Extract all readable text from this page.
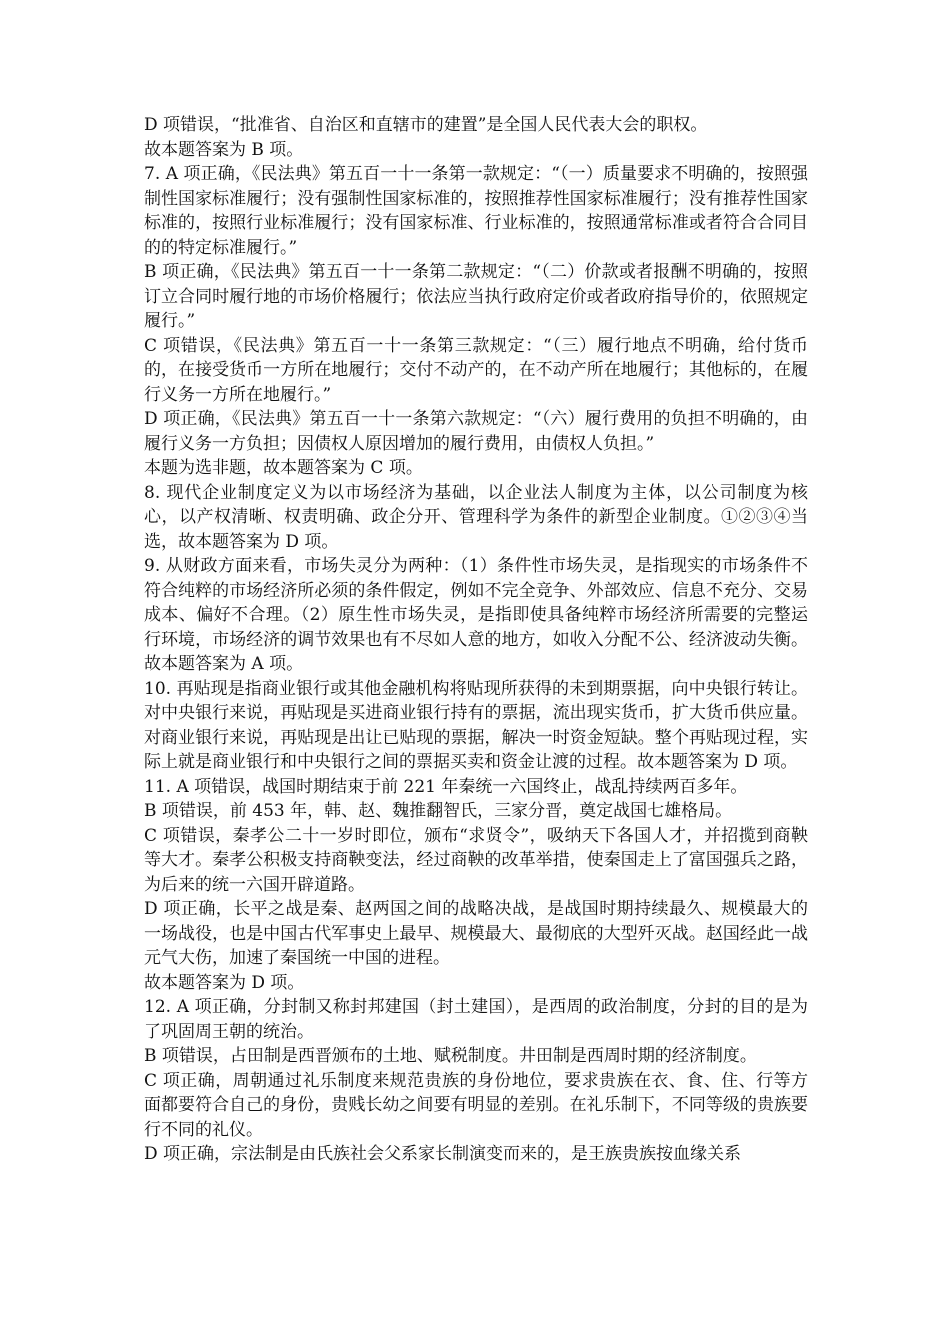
D 项错误，“批准省、自治区和直辖市的建置”是全国人民代表大会的职权。

故本题答案为 B 项。

7. A 项正确，《民法典》第五百一十一条第一款规定：“（一）质量要求不明确的，按照强制性国家标准履行；没有强制性国家标准的，按照推荐性国家标准履行；没有推荐性国家标准的，按照行业标准履行；没有国家标准、行业标准的，按照通常标准或者符合合同目的的特定标准履行。”

B 项正确，《民法典》第五百一十一条第二款规定：“（二）价款或者报酬不明确的，按照订立合同时履行地的市场价格履行；依法应当执行政府定价或者政府指导价的，依照规定履行。”

C 项错误，《民法典》第五百一十一条第三款规定：“（三）履行地点不明确，给付货币的，在接受货币一方所在地履行；交付不动产的，在不动产所在地履行；其他标的，在履行义务一方所在地履行。”

D 项正确，《民法典》第五百一十一条第六款规定：“（六）履行费用的负担不明确的，由履行义务一方负担；因债权人原因增加的履行费用，由债权人负担。”

本题为选非题，故本题答案为 C 项。

8. 现代企业制度定义为以市场经济为基础，以企业法人制度为主体，以公司制度为核心，以产权清晰、权责明确、政企分开、管理科学为条件的新型企业制度。①②③④当选，故本题答案为 D 项。

9. 从财政方面来看，市场失灵分为两种：（1）条件性市场失灵，是指现实的市场条件不符合纯粹的市场经济所必须的条件假定，例如不完全竞争、外部效应、信息不充分、交易成本、偏好不合理。（2）原生性市场失灵，是指即使具备纯粹市场经济所需要的完整运行环境，市场经济的调节效果也有不尽如人意的地方，如收入分配不公、经济波动失衡。故本题答案为 A 项。

10. 再贴现是指商业银行或其他金融机构将贴现所获得的未到期票据，向中央银行转让。对中央银行来说，再贴现是买进商业银行持有的票据，流出现实货币，扩大货币供应量。对商业银行来说，再贴现是出让已贴现的票据，解决一时资金短缺。整个再贴现过程，实际上就是商业银行和中央银行之间的票据买卖和资金让渡的过程。故本题答案为 D 项。

11. A 项错误，战国时期结束于前 221 年秦统一六国终止，战乱持续两百多年。

B 项错误，前 453 年，韩、赵、魏推翻智氏，三家分晋，奠定战国七雄格局。

C 项错误，秦孝公二十一岁时即位，颁布“求贤令”，吸纳天下各国人才，并招揽到商鞅等大才。秦孝公积极支持商鞅变法，经过商鞅的改革举措，使秦国走上了富国强兵之路，为后来的统一六国开辟道路。

D 项正确，长平之战是秦、赵两国之间的战略决战，是战国时期持续最久、规模最大的一场战役，也是中国古代军事史上最早、规模最大、最彻底的大型歼灭战。赵国经此一战元气大伤，加速了秦国统一中国的进程。

故本题答案为 D 项。

12. A 项正确，分封制又称封邦建国（封土建国），是西周的政治制度，分封的目的是为了巩固周王朝的统治。

B 项错误，占田制是西晋颁布的土地、赋税制度。井田制是西周时期的经济制度。

C 项正确，周朝通过礼乐制度来规范贵族的身份地位，要求贵族在衣、食、住、行等方面都要符合自己的身份，贵贱长幼之间要有明显的差别。在礼乐制下，不同等级的贵族要行不同的礼仪。

D 项正确，宗法制是由氏族社会父系家长制演变而来的，是王族贵族按血缘关系
